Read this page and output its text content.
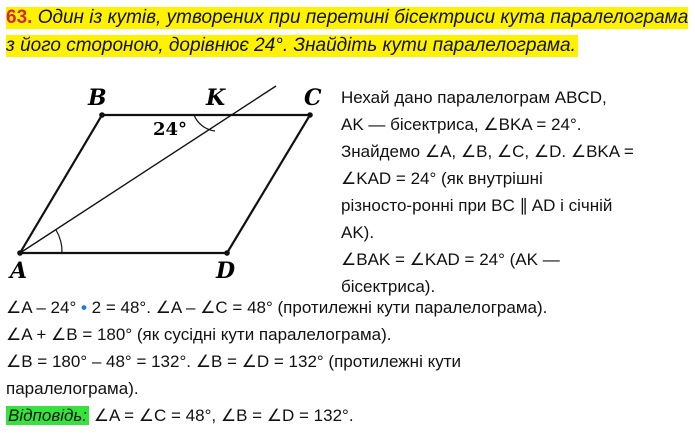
63. Один із кутів, утворених при перетині бісектриси кута паралелограма з його стороною, дорівнює 24°. Знайдіть кути паралелограма.
B	K	C
A	D
24°

Нехай дано паралелограм ABCD,

AK — бісектриса, ∠BKA = 24°.

Знайдемо ∠A, ∠B, ∠C, ∠D. ∠BKA =

∠KAD = 24° (як внутрішні

різносто-ронні при BC ∥ AD і січній

AK).

∠BAK = ∠KAD = 24° (AK —

бісектриса).

∠A – 24° • 2 = 48°. ∠A – ∠C = 48° (протилежні кути паралелограма).

∠A + ∠B = 180° (як сусідні кути паралелограма).

∠B = 180° – 48° = 132°. ∠B = ∠D = 132° (протилежні кути

паралелограма).

Відповідь: ∠A = ∠C = 48°, ∠B = ∠D = 132°.
